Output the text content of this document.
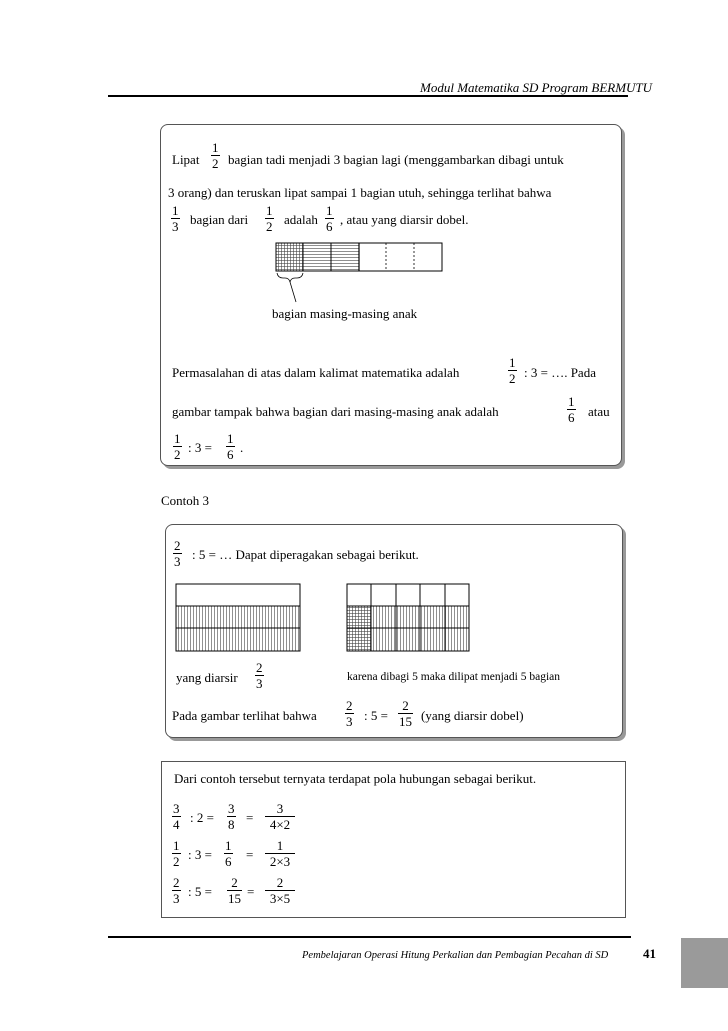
Modul Matematika SD Program BERMUTU
Lipat $\frac{1}{2}$ bagian tadi menjadi 3 bagian lagi (menggambarkan dibagi untuk
3 orang) dan teruskan lipat sampai 1 bagian utuh, sehingga terlihat bahwa
$\frac{1}{3}$ bagian dari $\frac{1}{2}$ adalah $\frac{1}{6}$ , atau yang diarsir dobel.
bagian masing-masing anak
Permasalahan di atas dalam kalimat matematika adalah	$\frac{1}{2}$ : 3 = …. Pada
gambar tampak bahwa bagian dari masing-masing anak adalah	$\frac{1}{6}$ atau
$\frac{1}{2}$ : $3 = \frac{1}{6}$ .
Contoh 3
$\frac{2}{3}$ : 5 = … Dapat diperagakan sebagai berikut.
yang diarsir $\frac{2}{3}$	karena dibagi 5 maka dilipat menjadi 5 bagian
Pada gambar terlihat bahwa $\frac{2}{3}$ : $5 = \frac{2}{15}$ (yang diarsir dobel)
Dari contoh tersebut ternyata terdapat pola hubungan sebagai berikut.
$\frac{3}{4}$ : $2 = \frac{3}{8} = \frac{3}{4\times 2}$
$\frac{1}{2}$ : $3 = \frac{1}{6} = \frac{1}{2\times 3}$
$\frac{2}{3}$ : $5 = \frac{2}{15} = \frac{2}{3\times 5}$
Pembelajaran Operasi Hitung Perkalian dan Pembagian Pecahan di SD	41
